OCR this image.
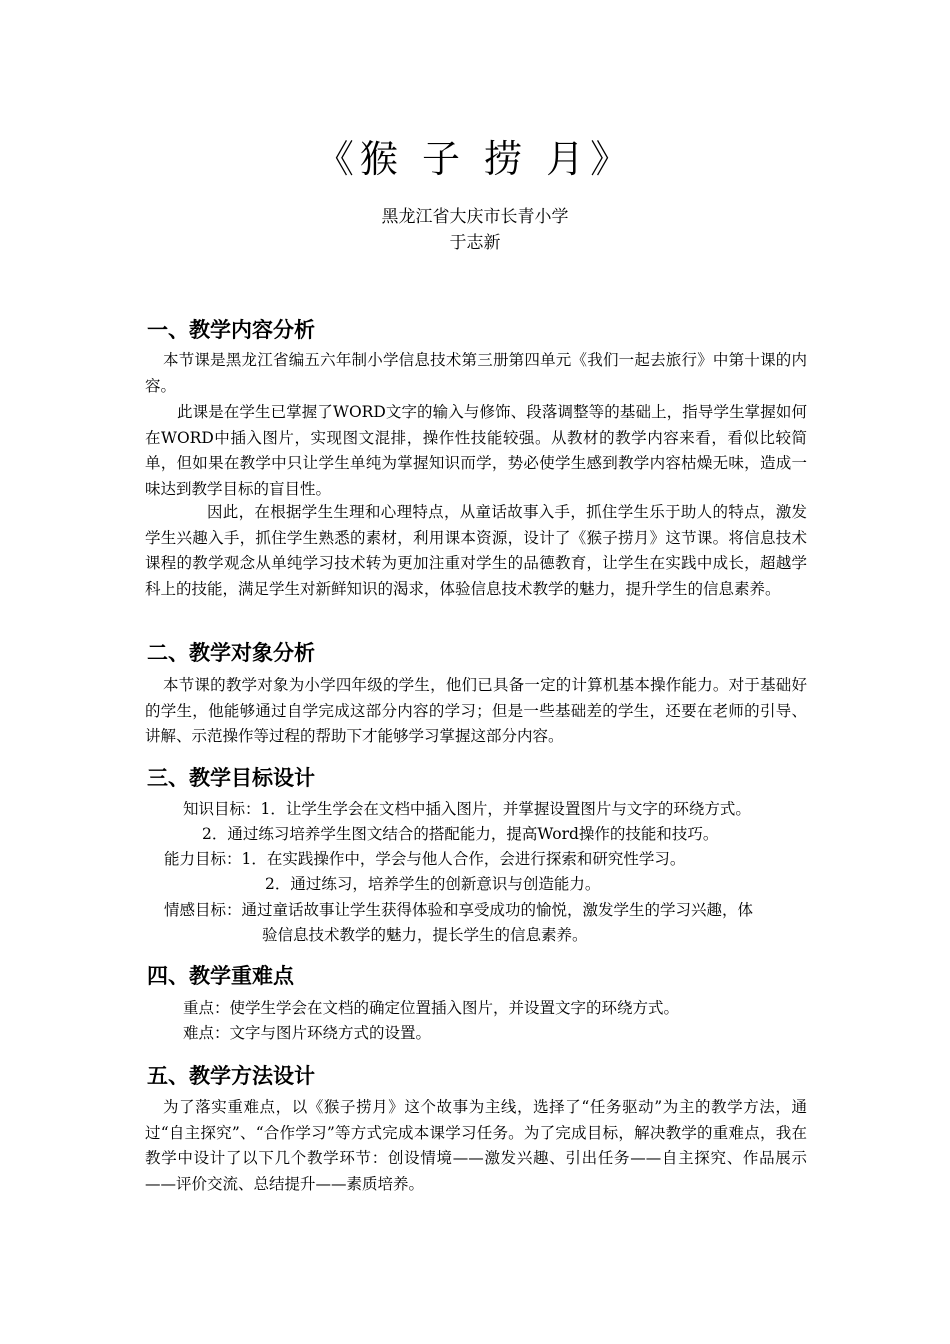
《猴 子 捞 月》
黑龙江省大庆市长青小学
于志新
一、教学内容分析
本节课是黑龙江省编五六年制小学信息技术第三册第四单元《我们一起去旅行》中第十课的内容。
此课是在学生已掌握了WORD文字的输入与修饰、段落调整等的基础上，指导学生掌握如何在WORD中插入图片，实现图文混排，操作性技能较强。从教材的教学内容来看，看似比较简单，但如果在教学中只让学生单纯为掌握知识而学，势必使学生感到教学内容枯燥无味，造成一味达到教学目标的盲目性。
因此，在根据学生生理和心理特点，从童话故事入手，抓住学生乐于助人的特点，激发学生兴趣入手，抓住学生熟悉的素材，利用课本资源，设计了《猴子捞月》这节课。将信息技术课程的教学观念从单纯学习技术转为更加注重对学生的品德教育，让学生在实践中成长，超越学科上的技能，满足学生对新鲜知识的渴求，体验信息技术教学的魅力，提升学生的信息素养。
二、教学对象分析
本节课的教学对象为小学四年级的学生，他们已具备一定的计算机基本操作能力。对于基础好的学生，他能够通过自学完成这部分内容的学习；但是一些基础差的学生，还要在老师的引导、讲解、示范操作等过程的帮助下才能够学习掌握这部分内容。
三、教学目标设计
知识目标：1．让学生学会在文档中插入图片，并掌握设置图片与文字的环绕方式。
2．通过练习培养学生图文结合的搭配能力，提高Word操作的技能和技巧。
能力目标：1．在实践操作中，学会与他人合作，会进行探索和研究性学习。
2．通过练习，培养学生的创新意识与创造能力。
情感目标：通过童话故事让学生获得体验和享受成功的愉悦，激发学生的学习兴趣，体
验信息技术教学的魅力，提长学生的信息素养。
四、教学重难点
重点：使学生学会在文档的确定位置插入图片，并设置文字的环绕方式。
难点：文字与图片环绕方式的设置。
五、教学方法设计
为了落实重难点，以《猴子捞月》这个故事为主线，选择了“任务驱动”为主的教学方法，通过“自主探究”、“合作学习”等方式完成本课学习任务。为了完成目标，解决教学的重难点，我在教学中设计了以下几个教学环节：创设情境——激发兴趣、引出任务——自主探究、作品展示——评价交流、总结提升——素质培养。
